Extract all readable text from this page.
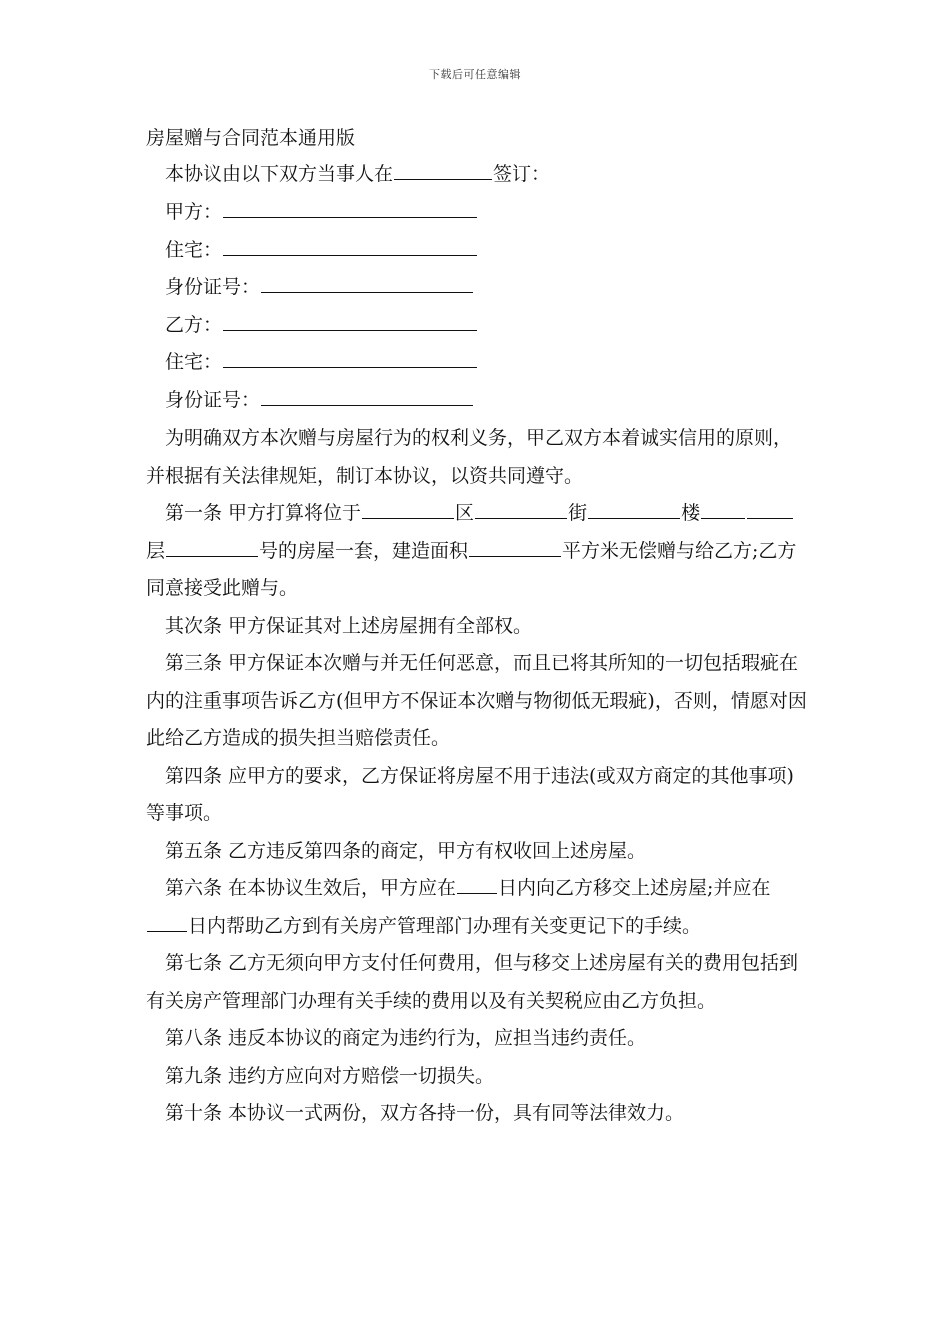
下载后可任意编辑
房屋赠与合同范本通用版
本协议由以下双方当事人在	签订：
甲方：
住宅：
身份证号：
乙方：
住宅：
身份证号：

为明确双方本次赠与房屋行为的权利义务，甲乙双方本着诚实信用的原则，并根据有关法律规矩，制订本协议，以资共同遵守。

第一条 甲方打算将位于	区	街	楼层	号的房屋一套，建造面积	平方米无偿赠与给乙方;乙方同意接受此赠与。

其次条 甲方保证其对上述房屋拥有全部权。

第三条 甲方保证本次赠与并无任何恶意，而且已将其所知的一切包括瑕疵在内的注重事项告诉乙方(但甲方不保证本次赠与物彻低无瑕疵)，否则，情愿对因此给乙方造成的损失担当赔偿责任。

第四条 应甲方的要求，乙方保证将房屋不用于违法(或双方商定的其他事项)等事项。

第五条 乙方违反第四条的商定，甲方有权收回上述房屋。

第六条 在本协议生效后，甲方应在 日内向乙方移交上述房屋;并应在日内帮助乙方到有关房产管理部门办理有关变更记下的手续。

第七条 乙方无须向甲方支付任何费用，但与移交上述房屋有关的费用包括到有关房产管理部门办理有关手续的费用以及有关契税应由乙方负担。

第八条 违反本协议的商定为违约行为，应担当违约责任。

第九条 违约方应向对方赔偿一切损失。

第十条 本协议一式两份，双方各持一份，具有同等法律效力。
